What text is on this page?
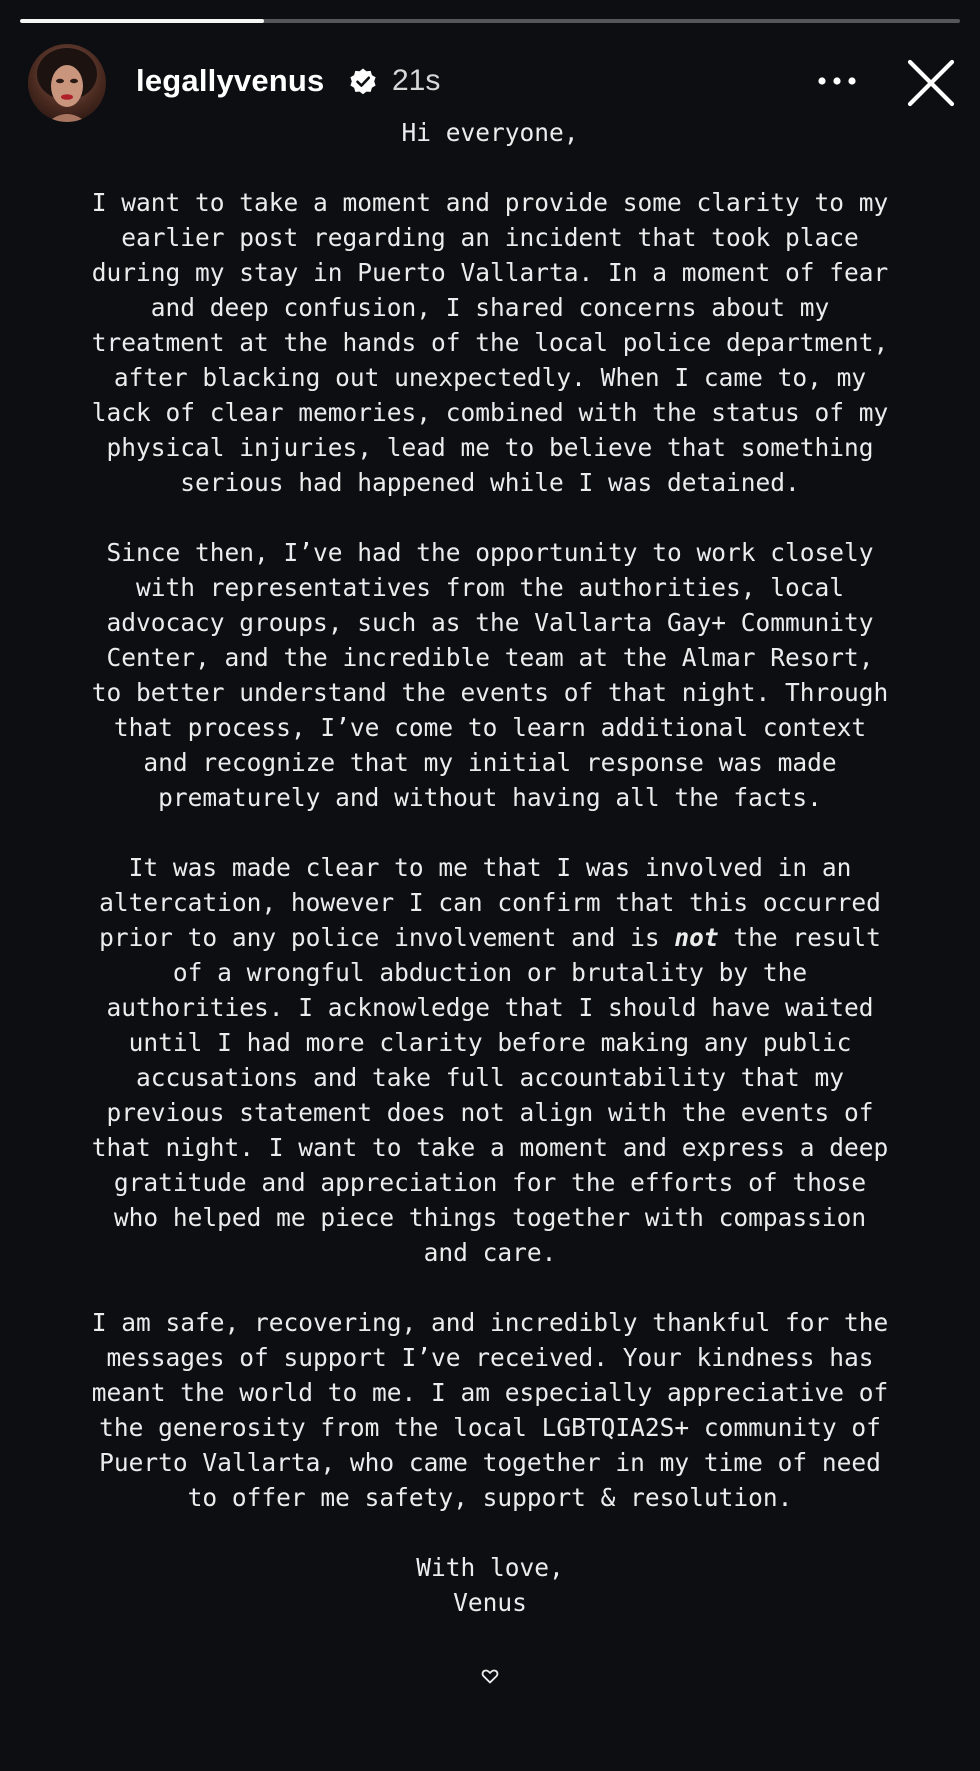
legallyvenus 21s

Hi everyone,

I want to take a moment and provide some clarity to my
earlier post regarding an incident that took place
during my stay in Puerto Vallarta. In a moment of fear
and deep confusion, I shared concerns about my
treatment at the hands of the local police department,
after blacking out unexpectedly. When I came to, my
lack of clear memories, combined with the status of my
physical injuries, lead me to believe that something
serious had happened while I was detained.

Since then, I’ve had the opportunity to work closely
with representatives from the authorities, local
advocacy groups, such as the Vallarta Gay+ Community
Center, and the incredible team at the Almar Resort,
to better understand the events of that night. Through
that process, I’ve come to learn additional context
and recognize that my initial response was made
prematurely and without having all the facts.

It was made clear to me that I was involved in an
altercation, however I can confirm that this occurred
prior to any police involvement and is not the result
of a wrongful abduction or brutality by the
authorities. I acknowledge that I should have waited
until I had more clarity before making any public
accusations and take full accountability that my
previous statement does not align with the events of
that night. I want to take a moment and express a deep
gratitude and appreciation for the efforts of those
who helped me piece things together with compassion
and care.

I am safe, recovering, and incredibly thankful for the
messages of support I’ve received. Your kindness has
meant the world to me. I am especially appreciative of
the generosity from the local LGBTQIA2S+ community of
Puerto Vallarta, who came together in my time of need
to offer me safety, support & resolution.

With love,

Venus
